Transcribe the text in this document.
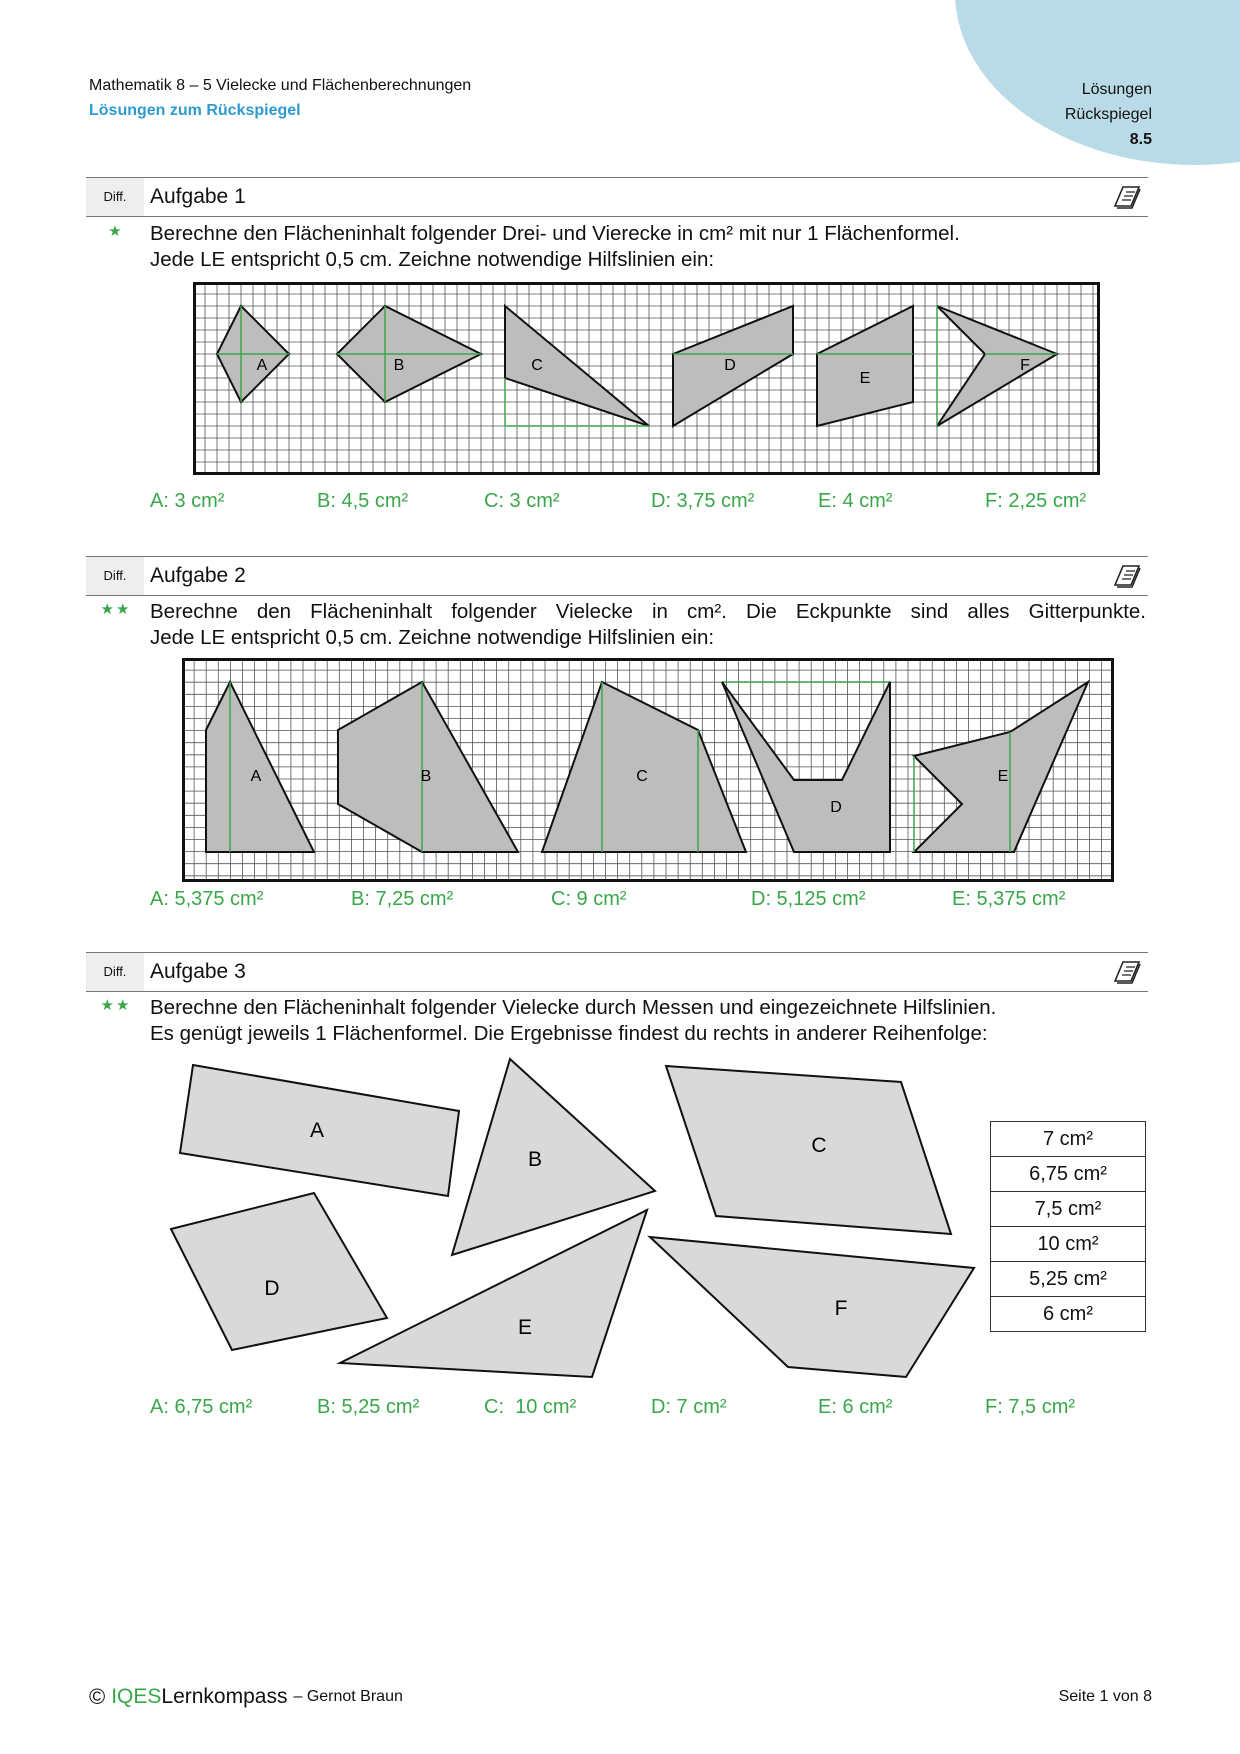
Mathematik 8 – 5 Vielecke und Flächenberechnungen
Lösungen zum Rückspiegel
Lösungen
Rückspiegel
8.5
Diff.	Aufgabe 1
★	Berechne den Flächeninhalt folgender Drei- und Vierecke in cm² mit nur 1 Flächenformel.
Jede LE entspricht 0,5 cm. Zeichne notwendige Hilfslinien ein:
A	B	C	D
E
F
A: 3 cm²	B: 4,5 cm²	C: 3 cm²	D: 3,75 cm²	E: 4 cm²	F: 2,25 cm²
Diff.	Aufgabe 2
★★ Berechne den Flächeninhalt folgender Vielecke in cm². Die Eckpunkte sind alles Gitterpunkte.
Jede LE entspricht 0,5 cm. Zeichne notwendige Hilfslinien ein:
A	B	C
D
E
A: 5,375 cm²	B: 7,25 cm²	C: 9 cm²	D: 5,125 cm²	E: 5,375 cm²
Diff.	Aufgabe 3
★★ Berechne den Flächeninhalt folgender Vielecke durch Messen und eingezeichnete Hilfslinien.
Es genügt jeweils 1 Flächenformel. Die Ergebnisse findest du rechts in anderer Reihenfolge:
A
B
C
D
E
F
7 cm²
6,75 cm²
7,5 cm²
10 cm²
5,25 cm²
6 cm²
A: 6,75 cm²	B: 5,25 cm²	C:  10 cm²	D: 7 cm²	E: 6 cm²	F: 7,5 cm²
© IQES Lernkompass – Gernot Braun	Seite 1 von 8
